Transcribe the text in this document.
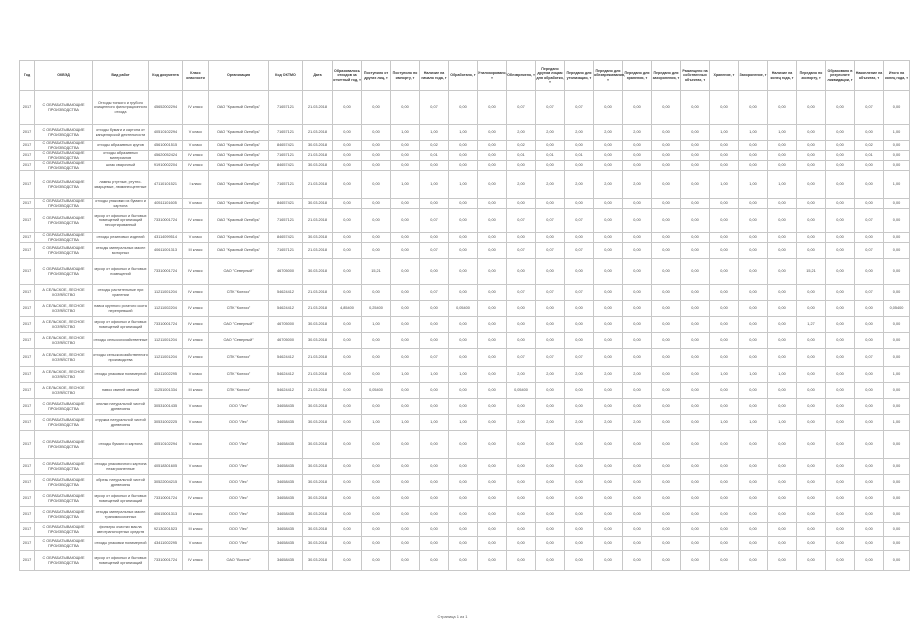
Год	ОКВЭД	Вид работ	Код документа	Класс опасности	Организация	Код ОКТМО	Дата	Образовалось отходов за отчетный год, т	Поступило от других лиц, т	Поступило по импорту, т	Наличие на начало года, т	Обработано, т	Утилизировано, т	Обезврежено, т	Передано другим лицам для обработки, т	Передано для утилизации, т	Передано для обезвреживания, т	Передано для хранения, т	Передано для захоронения, т	Размещено на собственных объектах, т	Хранение, т	Захоронение, т	Наличие на конец года, т	Передано по экспорту, т	Образовано в результате ликвидации, т	Накопление на объектах, т	Итого на конец года, т
2017	С ОБРАБАТЫВАЮЩИЕ ПРОИЗВОДСТВА	Отходы тонкого и грубого очищенного фильтрационного отхода	45652002294	IV класс	ОАО "Красный Октябрь"	71657121	21.03.2018	0,00	0,00	0,00	0,07	0,00	0,00	0,07	0,07	0,07	0,00	0,00	0,00	0,00	0,00	0,00	0,00	0,00	0,00	0,07	0,00
2017	С ОБРАБАТЫВАЮЩИЕ ПРОИЗВОДСТВА	отходы бумаги и картона от канцелярской деятельности	40510102294	V класс	ОАО "Красный Октябрь"	71657121	21.03.2018	0,00	0,00	1,00	1,00	1,00	0,00	2,00	2,00	2,00	2,00	2,00	0,00	0,00	1,00	1,00	1,00	0,00	0,00	0,00	1,00
2017	С ОБРАБАТЫВАЮЩИЕ ПРОИЗВОДСТВА	отходы абразивных кругов	45610001515	V класс	ОАО "Красный Октябрь"	84657421	30.03.2018	0,00	0,00	0,00	0,02	0,00	0,00	0,02	0,00	0,00	0,00	0,00	0,00	0,00	0,00	0,00	0,00	0,00	0,00	0,02	0,00
2017	С ОБРАБАТЫВАЮЩИЕ ПРОИЗВОДСТВА	отходы абразивных материалов	45620052424	IV класс	ОАО "Красный Октябрь"	71657121	21.03.2018	0,00	0,00	0,00	0,01	0,00	0,00	0,01	0,01	0,01	0,00	0,00	0,00	0,00	0,00	0,00	0,00	0,00	0,00	0,01	0,00
2017	С ОБРАБАТЫВАЮЩИЕ ПРОИЗВОДСТВА	шлак сварочный	91910002204	IV класс	ОАО "Красный Октябрь"	84657421	30.03.2018	0,00	0,00	0,00	0,00	0,00	0,00	0,00	0,00	0,00	0,00	0,00	0,00	0,00	0,00	0,00	0,00	0,00	0,00	0,00	0,00
2017	С ОБРАБАТЫВАЮЩИЕ ПРОИЗВОДСТВА	лампы ртутные, ртутно-кварцевые, люминесцентные	47110101521	I класс	ОАО "Красный Октябрь"	71657121	21.03.2018	0,00	0,00	1,00	1,00	1,00	0,00	2,00	2,00	2,00	2,00	2,00	0,00	0,00	1,00	1,00	1,00	0,00	0,00	0,00	1,00
2017	С ОБРАБАТЫВАЮЩИЕ ПРОИЗВОДСТВА	отходы упаковки из бумаги и картона	40511101605	V класс	ОАО "Красный Октябрь"	84657421	30.03.2018	0,00	0,00	0,00	0,00	0,00	0,00	0,00	0,00	0,00	0,00	0,00	0,00	0,00	0,00	0,00	0,00	0,00	0,00	0,00	0,00
2017	С ОБРАБАТЫВАЮЩИЕ ПРОИЗВОДСТВА	мусор от офисных и бытовых помещений организаций несортированный	73310001724	IV класс	ОАО "Красный Октябрь"	71657121	21.03.2018	0,00	0,00	0,00	0,07	0,00	0,00	0,07	0,07	0,07	0,00	0,00	0,00	0,00	0,00	0,00	0,00	0,00	0,00	0,07	0,00
2017	С ОБРАБАТЫВАЮЩИЕ ПРОИЗВОДСТВА	отходы резиновых изделий	43114099514	V класс	ОАО "Красный Октябрь"	84657421	30.03.2018	0,00	0,00	0,00	0,00	0,00	0,00	0,00	0,00	0,00	0,00	0,00	0,00	0,00	0,00	0,00	0,00	0,00	0,00	0,00	0,00
2017	С ОБРАБАТЫВАЮЩИЕ ПРОИЗВОДСТВА	отходы минеральных масел моторных	40611001313	III класс	ОАО "Красный Октябрь"	71657121	21.03.2018	0,00	0,00	0,00	0,07	0,00	0,00	0,07	0,07	0,07	0,00	0,00	0,00	0,00	0,00	0,00	0,00	0,00	0,00	0,07	0,00
2017	С ОБРАБАТЫВАЮЩИЕ ПРОИЗВОДСТВА	мусор от офисных и бытовых помещений	73310001724	IV класс	ОАО "Северный"	46705000	30.03.2018	0,00	15,21	0,00	0,00	0,00	0,00	0,00	0,00	0,00	0,00	0,00	0,00	0,00	0,00	0,00	0,00	15,21	0,00	0,00	0,00
2017	А СЕЛЬСКОЕ, ЛЕСНОЕ ХОЗЯЙСТВО	отходы растительные при хранении	11211001204	IV класс	СПК "Колхоз"	54624412	21.03.2018	0,00	0,00	0,00	0,07	0,00	0,00	0,07	0,07	0,07	0,00	0,00	0,00	0,00	0,00	0,00	0,00	0,00	0,00	0,07	0,00
2017	А СЕЛЬСКОЕ, ЛЕСНОЕ ХОЗЯЙСТВО	навоз крупного рогатого скота перепревший	11211002204	IV класс	СПК "Колхоз"	54624412	21.03.2018	4,85400	0,25400	0,00	0,00	0,05400	0,00	0,00	0,00	0,00	0,00	0,00	0,00	0,00	0,00	0,00	0,00	0,00	0,00	0,00	0,05400
2017	А СЕЛЬСКОЕ, ЛЕСНОЕ ХОЗЯЙСТВО	мусор от офисных и бытовых помещений организаций	73310001724	IV класс	ОАО "Северный"	46705000	30.03.2018	0,00	1,00	0,00	0,00	0,00	0,00	0,00	0,00	0,00	0,00	0,00	0,00	0,00	0,00	0,00	0,00	1,27	0,00	0,00	0,00
2017	А СЕЛЬСКОЕ, ЛЕСНОЕ ХОЗЯЙСТВО	отходы сельскохозяйственные	11211001204	IV класс	ОАО "Северный"	46705000	30.03.2018	0,00	0,00	0,00	0,00	0,00	0,00	0,00	0,00	0,00	0,00	0,00	0,00	0,00	0,00	0,00	0,00	0,00	0,00	0,00	0,00
2017	А СЕЛЬСКОЕ, ЛЕСНОЕ ХОЗЯЙСТВО	отходы сельскохозяйственного производства	11211001204	IV класс	СПК "Колхоз"	54624412	21.03.2018	0,00	0,00	0,00	0,07	0,00	0,00	0,07	0,07	0,07	0,00	0,00	0,00	0,00	0,00	0,00	0,00	0,00	0,00	0,07	0,00
2017	А СЕЛЬСКОЕ, ЛЕСНОЕ ХОЗЯЙСТВО	отходы упаковки полимерной	43411002295	V класс	СПК "Колхоз"	54624412	21.03.2018	0,00	0,00	1,00	1,00	1,00	0,00	2,00	2,00	2,00	2,00	2,00	0,00	0,00	1,00	1,00	1,00	0,00	0,00	0,00	1,00
2017	А СЕЛЬСКОЕ, ЛЕСНОЕ ХОЗЯЙСТВО	навоз свиней свежий	11251001334	III класс	СПК "Колхоз"	54624412	21.03.2018	0,00	0,05400	0,00	0,00	0,00	0,00	0,05400	0,00	0,00	0,00	0,00	0,00	0,00	0,00	0,00	0,00	0,00	0,00	0,00	0,00
2017	С ОБРАБАТЫВАЮЩИЕ ПРОИЗВОДСТВА	опилки натуральной чистой древесины	30531001435	V класс	ООО "Лес"	34658435	30.03.2018	0,00	0,00	0,00	0,00	0,00	0,00	0,00	0,00	0,00	0,00	0,00	0,00	0,00	0,00	0,00	0,00	0,00	0,00	0,00	0,00
2017	С ОБРАБАТЫВАЮЩИЕ ПРОИЗВОДСТВА	стружка натуральной чистой древесины	30531002225	V класс	ООО "Лес"	34658435	30.03.2018	0,00	1,00	1,00	1,00	1,00	0,00	2,00	2,00	2,00	2,00	2,00	0,00	0,00	1,00	1,00	1,00	0,00	0,00	0,00	1,00
2017	С ОБРАБАТЫВАЮЩИЕ ПРОИЗВОДСТВА	отходы бумаги и картона	40510102294	V класс	ООО "Лес"	34658435	30.03.2018	0,00	0,00	0,00	0,00	0,00	0,00	0,00	0,00	0,00	0,00	0,00	0,00	0,00	0,00	0,00	0,00	0,00	0,00	0,00	0,00
2017	С ОБРАБАТЫВАЮЩИЕ ПРОИЗВОДСТВА	отходы упаковочного картона незагрязненные	40518301605	V класс	ООО "Лес"	34658435	30.03.2018	0,00	0,00	0,00	0,00	0,00	0,00	0,00	0,00	0,00	0,00	0,00	0,00	0,00	0,00	0,00	0,00	0,00	0,00	0,00	0,00
2017	С ОБРАБАТЫВАЮЩИЕ ПРОИЗВОДСТВА	обрезь натуральной чистой древесины	30522004215	V класс	ООО "Лес"	34658435	30.03.2018	0,00	0,00	0,00	0,00	0,00	0,00	0,00	0,00	0,00	0,00	0,00	0,00	0,00	0,00	0,00	0,00	0,00	0,00	0,00	0,00
2017	С ОБРАБАТЫВАЮЩИЕ ПРОИЗВОДСТВА	мусор от офисных и бытовых помещений организаций	73310001724	IV класс	ООО "Лес"	34658435	30.03.2018	0,00	0,00	0,00	0,00	0,00	0,00	0,00	0,00	0,00	0,00	0,00	0,00	0,00	0,00	0,00	0,00	0,00	0,00	0,00	0,00
2017	С ОБРАБАТЫВАЮЩИЕ ПРОИЗВОДСТВА	отходы минеральных масел трансмиссионных	40615001313	III класс	ООО "Лес"	34658435	30.03.2018	0,00	0,00	0,00	0,00	0,00	0,00	0,00	0,00	0,00	0,00	0,00	0,00	0,00	0,00	0,00	0,00	0,00	0,00	0,00	0,00
2017	С ОБРАБАТЫВАЮЩИЕ ПРОИЗВОДСТВА	фильтры очистки масла автотранспортных средств	92130201523	III класс	ООО "Лес"	34658435	30.03.2018	0,00	0,00	0,00	0,00	0,00	0,00	0,00	0,00	0,00	0,00	0,00	0,00	0,00	0,00	0,00	0,00	0,00	0,00	0,00	0,00
2017	С ОБРАБАТЫВАЮЩИЕ ПРОИЗВОДСТВА	отходы упаковки полимерной	43411002295	V класс	ООО "Лес"	34658435	30.03.2018	0,00	0,00	0,00	0,00	0,00	0,00	0,00	0,00	0,00	0,00	0,00	0,00	0,00	0,00	0,00	0,00	0,00	0,00	0,00	0,00
2017	С ОБРАБАТЫВАЮЩИЕ ПРОИЗВОДСТВА	мусор от офисных и бытовых помещений организаций	73310001724	IV класс	ОАО "Восток"	34658435	30.03.2018	0,00	0,00	0,00	0,00	0,00	0,00	0,00	0,00	0,00	0,00	0,00	0,00	0,00	0,00	0,00	0,00	0,00	0,00	0,00	0,00
Страница 1 из 1
